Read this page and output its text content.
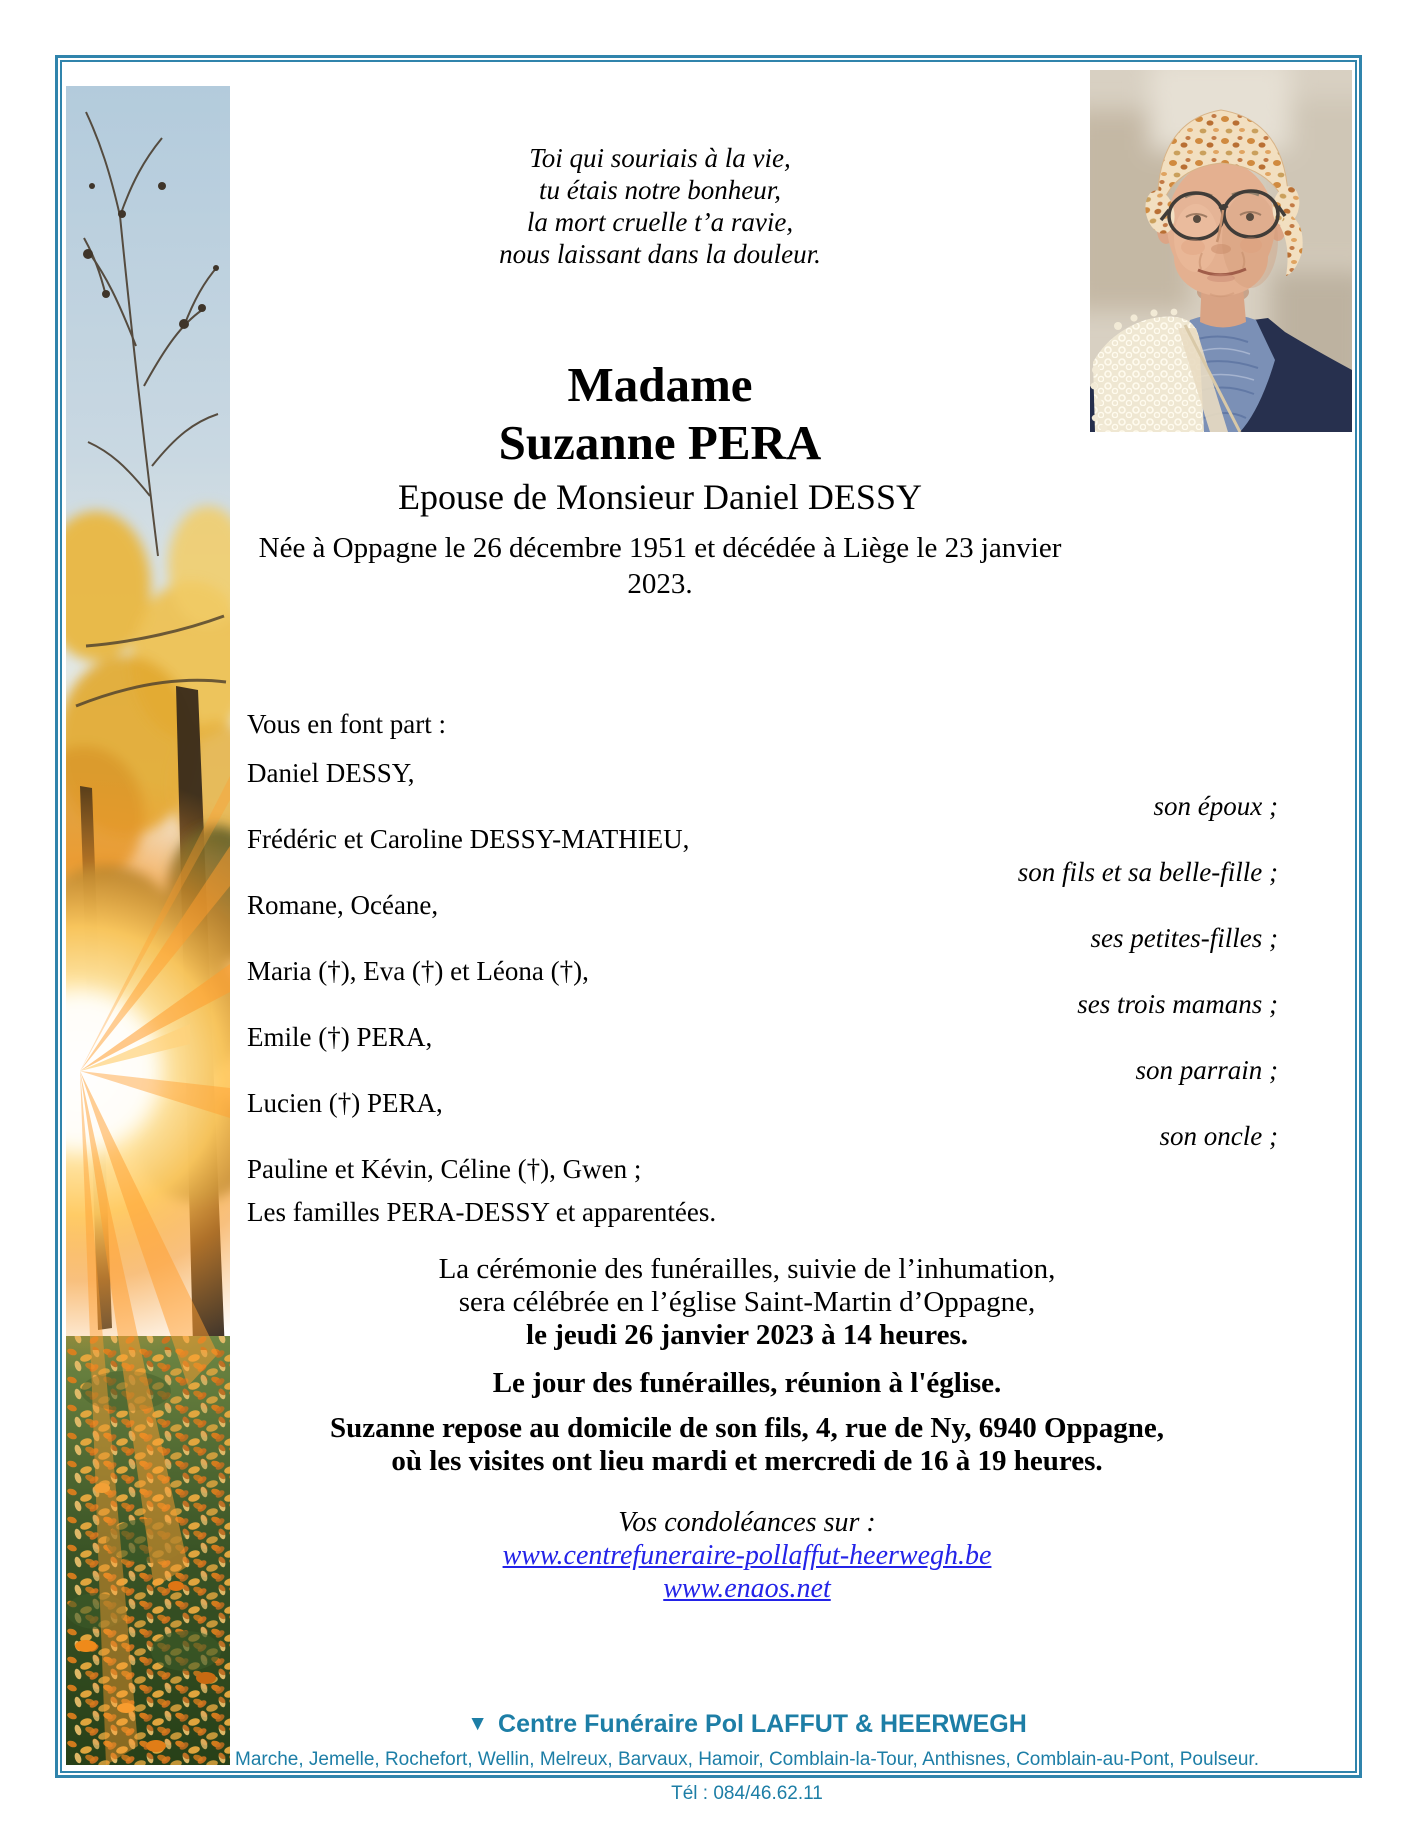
Toi qui souriais à la vie,
tu étais notre bonheur,
la mort cruelle t’a ravie,
nous laissant dans la douleur.
Madame
Suzanne PERA
Epouse de Monsieur Daniel DESSY
Née à Oppagne le 26 décembre 1951 et décédée à Liège le 23 janvier 2023.
Vous en font part :
Daniel DESSY,
son époux ;
Frédéric et Caroline DESSY-MATHIEU,
son fils et sa belle-fille ;
Romane, Océane,
ses petites-filles ;
Maria (†), Eva (†) et Léona (†),
ses trois mamans ;
Emile (†) PERA,
son parrain ;
Lucien (†) PERA,
son oncle ;
Pauline et Kévin, Céline (†), Gwen ;
Les familles PERA-DESSY et apparentées.
La cérémonie des funérailles, suivie de l’inhumation,
sera célébrée en l’église Saint-Martin d’Oppagne,
le jeudi 26 janvier 2023 à 14 heures.
Le jour des funérailles, réunion à l'église.
Suzanne repose au domicile de son fils, 4, rue de Ny, 6940 Oppagne,
où les visites ont lieu mardi et mercredi de 16 à 19 heures.
Vos condoléances sur :
www.centrefuneraire-pollaffut-heerwegh.be
www.enaos.net
▼ Centre Funéraire Pol LAFFUT & HEERWEGH
Marche, Jemelle, Rochefort, Wellin, Melreux, Barvaux, Hamoir, Comblain-la-Tour, Anthisnes, Comblain-au-Pont, Poulseur.
Tél : 084/46.62.11
